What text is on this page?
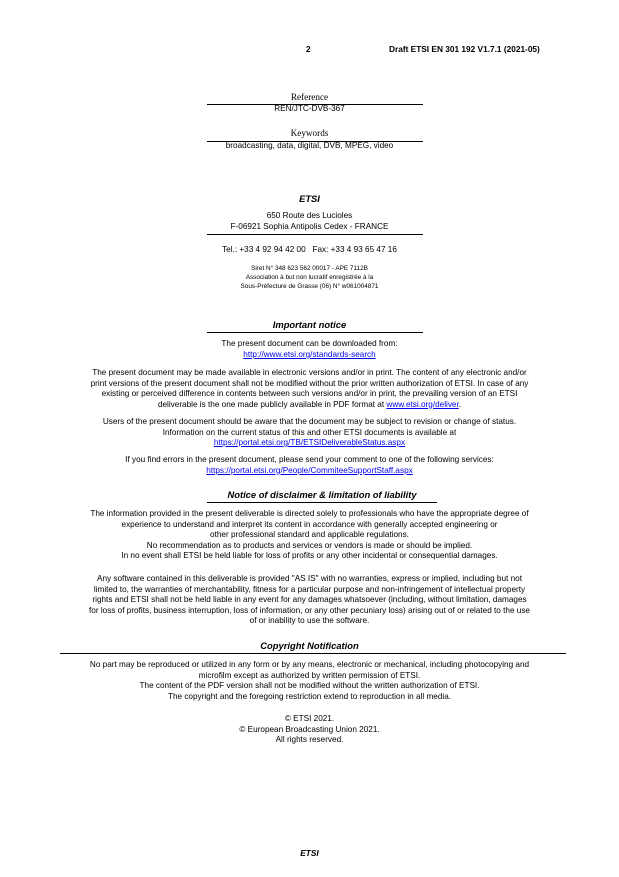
2	Draft ETSI EN 301 192 V1.7.1 (2021-05)
Reference
REN/JTC-DVB-367
Keywords
broadcasting, data, digital, DVB, MPEG, video
ETSI
650 Route des Lucioles
F-06921 Sophia Antipolis Cedex - FRANCE
Tel.: +33 4 92 94 42 00   Fax: +33 4 93 65 47 16
Siret N° 348 623 562 00017 - APE 7112B
Association à but non lucratif enregistrée à la
Sous-Préfecture de Grasse (06) N° w061004871
Important notice
The present document can be downloaded from:
http://www.etsi.org/standards-search
The present document may be made available in electronic versions and/or in print. The content of any electronic and/or
print versions of the present document shall not be modified without the prior written authorization of ETSI. In case of any
existing or perceived difference in contents between such versions and/or in print, the prevailing version of an ETSI
deliverable is the one made publicly available in PDF format at www.etsi.org/deliver.
Users of the present document should be aware that the document may be subject to revision or change of status.
Information on the current status of this and other ETSI documents is available at
https://portal.etsi.org/TB/ETSIDeliverableStatus.aspx
If you find errors in the present document, please send your comment to one of the following services:
https://portal.etsi.org/People/CommiteeSupportStaff.aspx
Notice of disclaimer & limitation of liability
The information provided in the present deliverable is directed solely to professionals who have the appropriate degree of
experience to understand and interpret its content in accordance with generally accepted engineering or
other professional standard and applicable regulations.
No recommendation as to products and services or vendors is made or should be implied.
In no event shall ETSI be held liable for loss of profits or any other incidental or consequential damages.
Any software contained in this deliverable is provided "AS IS" with no warranties, express or implied, including but not
limited to, the warranties of merchantability, fitness for a particular purpose and non-infringement of intellectual property
rights and ETSI shall not be held liable in any event for any damages whatsoever (including, without limitation, damages
for loss of profits, business interruption, loss of information, or any other pecuniary loss) arising out of or related to the use
of or inability to use the software.
Copyright Notification
No part may be reproduced or utilized in any form or by any means, electronic or mechanical, including photocopying and
microfilm except as authorized by written permission of ETSI.
The content of the PDF version shall not be modified without the written authorization of ETSI.
The copyright and the foregoing restriction extend to reproduction in all media.
© ETSI 2021.
© European Broadcasting Union 2021.
All rights reserved.
ETSI
